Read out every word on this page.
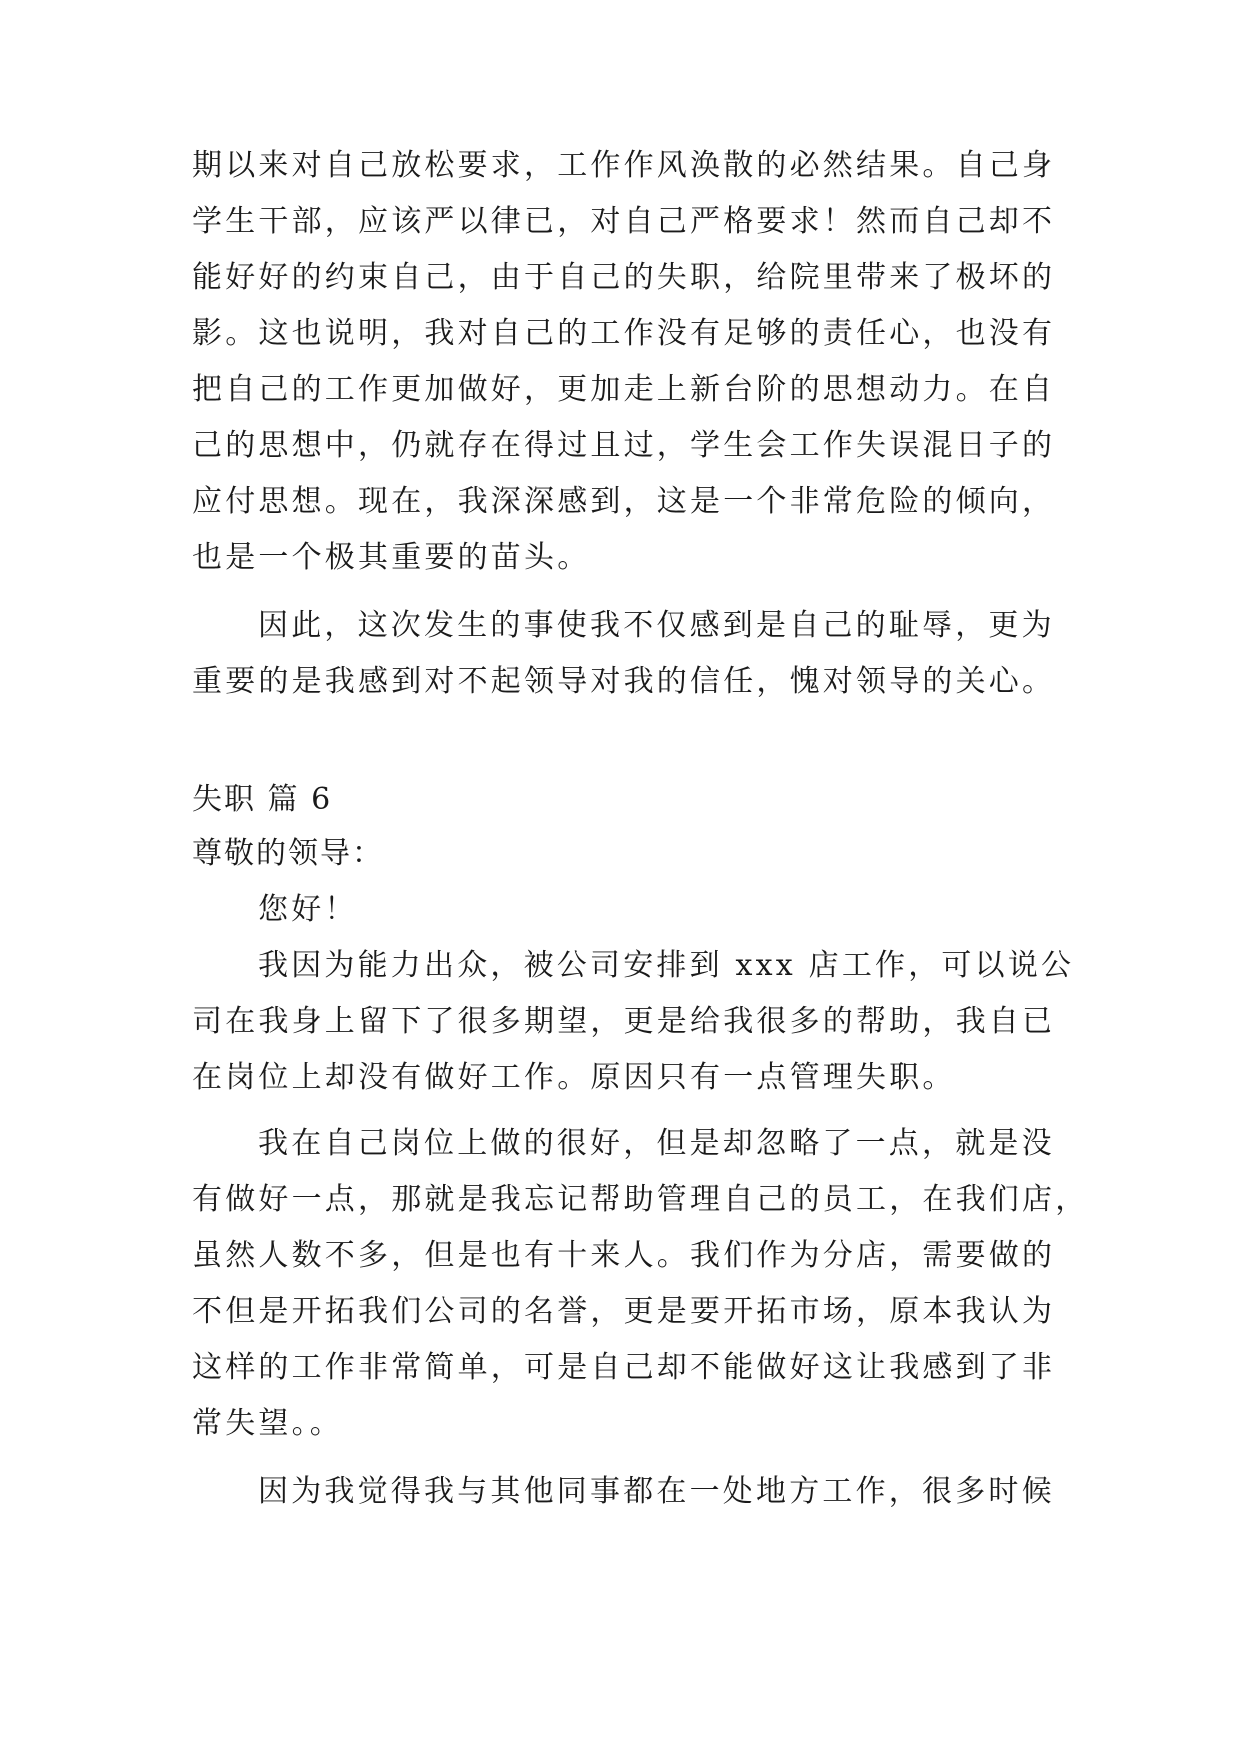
期以来对自己放松要求，工作作风涣散的必然结果。自己身
学生干部，应该严以律已，对自己严格要求！然而自己却不
能好好的约束自己，由于自己的失职，给院里带来了极坏的
影。这也说明，我对自己的工作没有足够的责任心，也没有
把自己的工作更加做好，更加走上新台阶的思想动力。在自
己的思想中，仍就存在得过且过，学生会工作失误混日子的
应付思想。现在，我深深感到，这是一个非常危险的倾向，
也是一个极其重要的苗头。
因此，这次发生的事使我不仅感到是自己的耻辱，更为
重要的是我感到对不起领导对我的信任，愧对领导的关心。
失职 篇 6
尊敬的领导：
您好！
我因为能力出众，被公司安排到 xxx 店工作，可以说公
司在我身上留下了很多期望，更是给我很多的帮助，我自已
在岗位上却没有做好工作。原因只有一点管理失职。
我在自己岗位上做的很好，但是却忽略了一点，就是没
有做好一点，那就是我忘记帮助管理自己的员工，在我们店，
虽然人数不多，但是也有十来人。我们作为分店，需要做的
不但是开拓我们公司的名誉，更是要开拓市场，原本我认为
这样的工作非常简单，可是自己却不能做好这让我感到了非
常失望。。
因为我觉得我与其他同事都在一处地方工作，很多时候
